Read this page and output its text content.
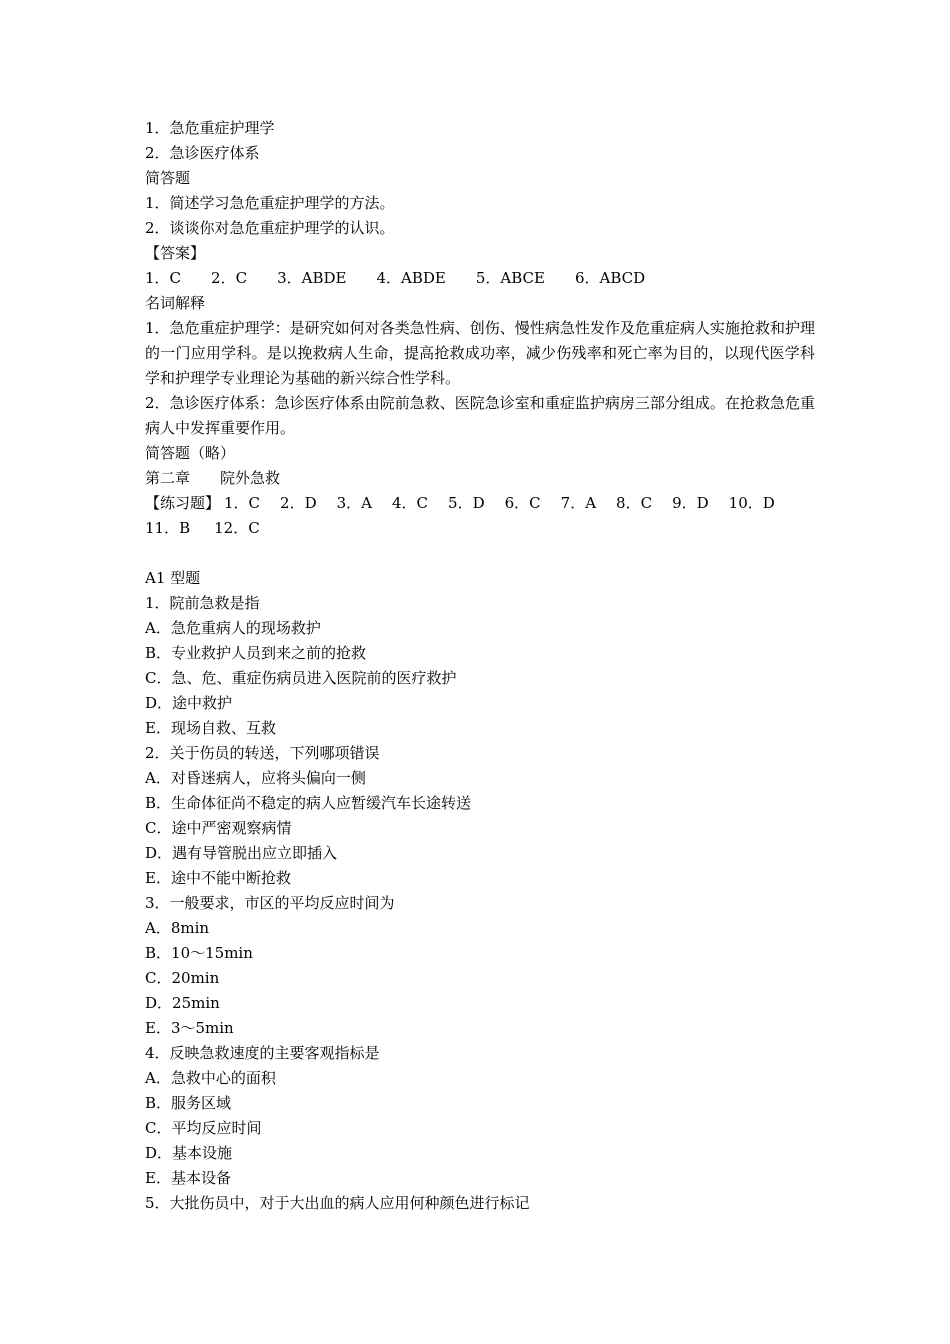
1．急危重症护理学
2．急诊医疗体系
简答题
1．简述学习急危重症护理学的方法。
2．谈谈你对急危重症护理学的认识。
【答案】
1．C 2．C 3．ABDE 4．ABDE 5．ABCE 6．ABCD
名词解释
1．急危重症护理学：是研究如何对各类急性病、创伤、慢性病急性发作及危重症病人实施抢救和护理的一门应用学科。是以挽救病人生命，提高抢救成功率，减少伤残率和死亡率为目的，以现代医学科学和护理学专业理论为基础的新兴综合性学科。
2．急诊医疗体系：急诊医疗体系由院前急救、医院急诊室和重症监护病房三部分组成。在抢救急危重病人中发挥重要作用。
简答题（略）
第二章　　院外急救
【练习题】 1．C 2．D 3．A 4．C 5．D 6．C 7．A 8．C 9．D 10．D
11．B 12．C
A1 型题
1．院前急救是指
A．急危重病人的现场救护
B．专业救护人员到来之前的抢救
C．急、危、重症伤病员进入医院前的医疗救护
D．途中救护
E．现场自救、互救
2．关于伤员的转送，下列哪项错误
A．对昏迷病人，应将头偏向一侧
B．生命体征尚不稳定的病人应暂缓汽车长途转送
C．途中严密观察病情
D．遇有导管脱出应立即插入
E．途中不能中断抢救
3．一般要求，市区的平均反应时间为
A．8min
B．10～15min
C．20min
D．25min
E．3～5min
4．反映急救速度的主要客观指标是
A．急救中心的面积
B．服务区域
C．平均反应时间
D．基本设施
E．基本设备
5．大批伤员中，对于大出血的病人应用何种颜色进行标记
